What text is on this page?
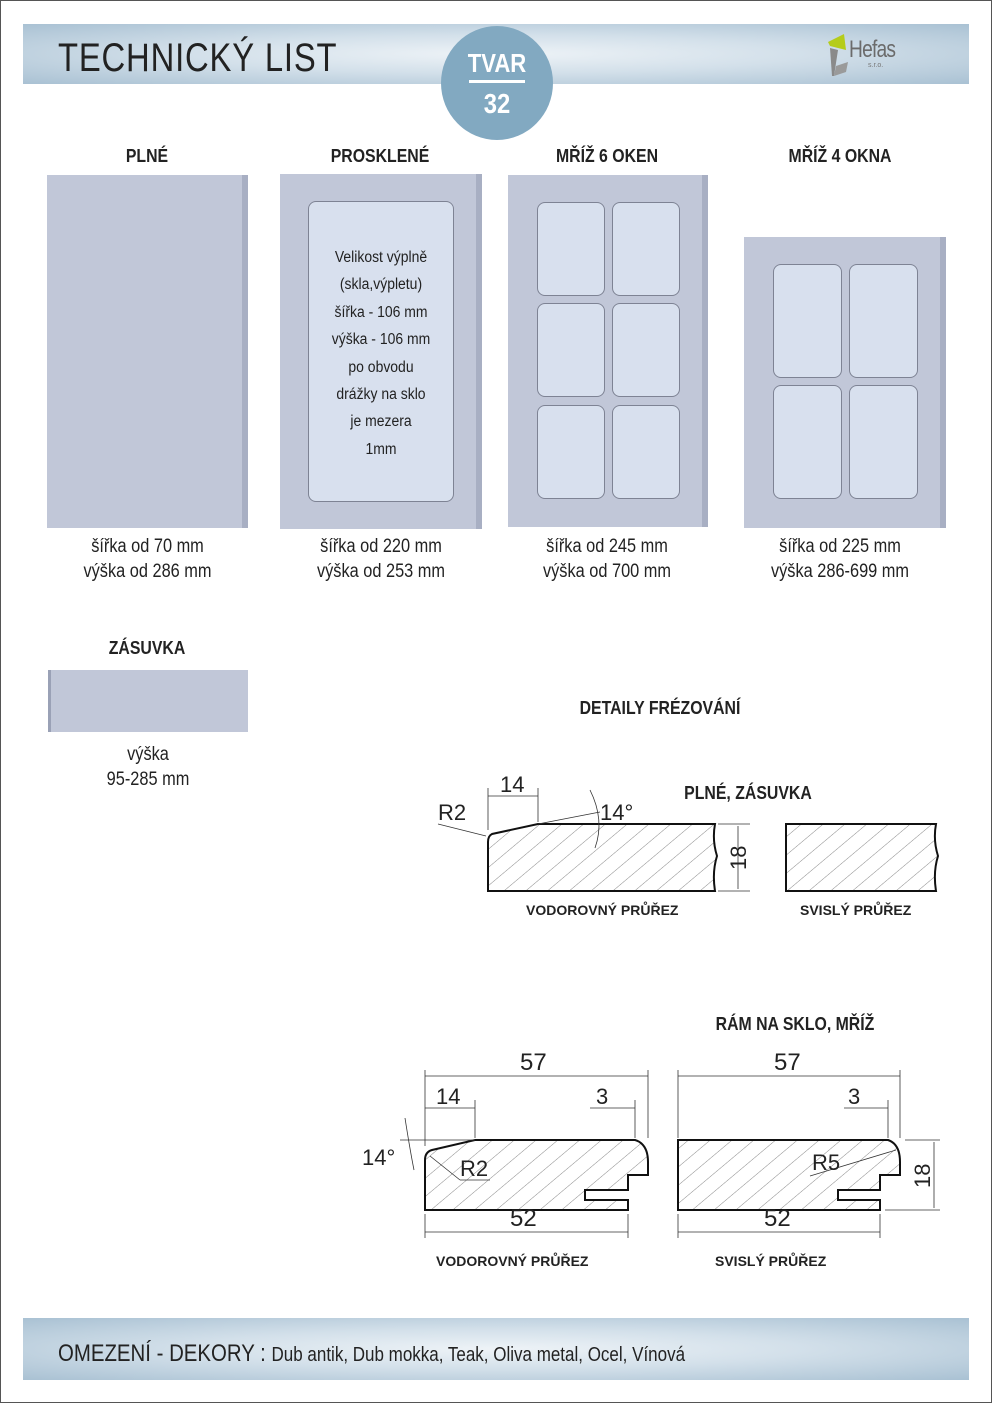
TECHNICKÝ LIST	TVAR
32
Hefas
s.r.o.
PLNÉ	PROSKLENÉ	MŘÍŽ 6 OKEN	MŘÍŽ 4 OKNA
Velikost výplně
(skla,výpletu)
šířka - 106 mm
výška - 106 mm
po obvodu
drážky na sklo
je mezera
1mm
šířka od 70 mm
výška od 286 mm
šířka od 220 mm
výška od 253 mm
šířka od 245 mm
výška od 700 mm
šířka od 225 mm
výška 286-699 mm
ZÁSUVKA
výška
95-285 mm
DETAILY FRÉZOVÁNÍ
PLNÉ, ZÁSUVKA
14
R2	14°
18
VODOROVNÝ PRŮŘEZ	SVISLÝ PRŮŘEZ
RÁM NA SKLO, MŘÍŽ
57
14	3
14°	R2
52
VODOROVNÝ PRŮŘEZ
57
3
R5
18
52
SVISLÝ PRŮŘEZ
OMEZENÍ - DEKORY : Dub antik, Dub mokka, Teak, Oliva metal, Ocel, Vínová
